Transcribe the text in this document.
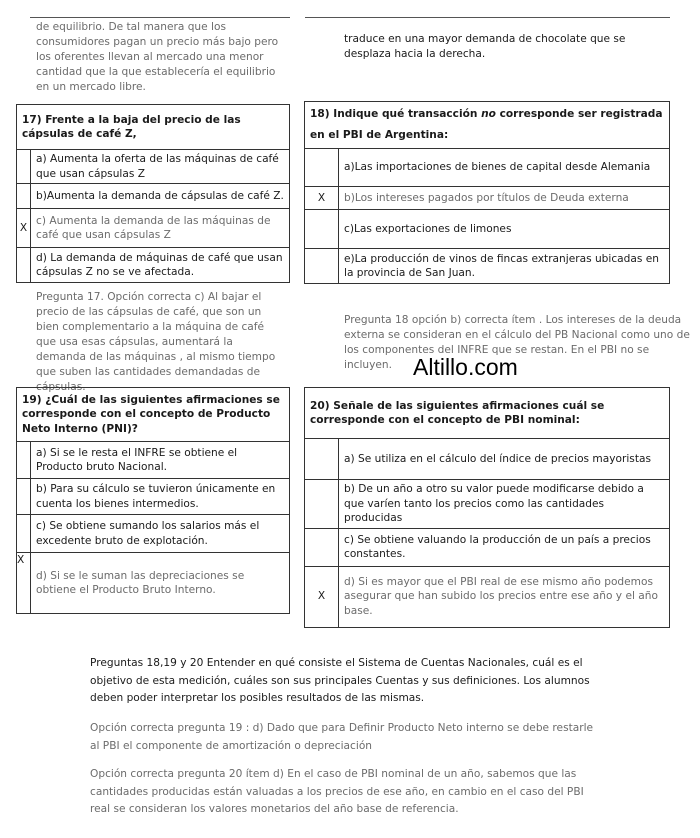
de equilibrio. De tal manera que los consumidores pagan un precio más bajo pero los oferentes llevan al mercado una menor cantidad que la que establecería el equilibrio en un mercado libre.
traduce en una mayor demanda de chocolate que se desplaza hacia la derecha.
17) Frente a la baja del precio de las cápsulas de café Z,	
	a) Aumenta la oferta de las máquinas de café que usan cápsulas Z
	b)Aumenta la demanda de cápsulas de café Z.
X	c) Aumenta la demanda de las máquinas de café que usan cápsulas Z
	d) La demanda de máquinas de café que usan cápsulas Z no se ve afectada.
Pregunta 17. Opción correcta c) Al bajar el precio de las cápsulas de café, que son un bien complementario a la máquina de café que usa esas cápsulas, aumentará la demanda de las máquinas , al mismo tiempo que suben las cantidades demandadas de cápsulas.
18) Indique qué transacción no corresponde ser registrada en el PBI de Argentina:	
	a)Las importaciones de bienes de capital desde Alemania
X	b)Los intereses pagados por títulos de Deuda externa
	c)Las exportaciones de limones
	e)La producción de vinos de fincas extranjeras ubicadas en la provincia de San Juan.
Pregunta 18 opción b) correcta ítem . Los intereses de la deuda externa se consideran en el cálculo del PB Nacional como uno de los componentes del INFRE que se restan. En el PBI no se incluyen. Altillo.com
19) ¿Cuál de las siguientes afirmaciones se corresponde con el concepto de Producto Neto Interno (PNI)?	
	a) Si se le resta el INFRE se obtiene el Producto bruto Nacional.
	b) Para su cálculo se tuvieron únicamente en cuenta los bienes intermedios.
	c) Se obtiene sumando los salarios más el excedente bruto de explotación.
X	d) Si se le suman las depreciaciones se obtiene el Producto Bruto Interno.
20) Señale de las siguientes afirmaciones cuál se corresponde con el concepto de PBI nominal:	
	a) Se utiliza en el cálculo del índice de precios mayoristas
	b) De un año a otro su valor puede modificarse debido a que varíen tanto los precios como las cantidades producidas
	c) Se obtiene valuando la producción de un país a precios constantes.
X	d) Si es mayor que el PBI real de ese mismo año podemos asegurar que han subido los precios entre ese año y el año base.
Preguntas 18,19 y 20 Entender en qué consiste el Sistema de Cuentas Nacionales, cuál es el objetivo de esta medición, cuáles son sus principales Cuentas y sus definiciones. Los alumnos deben poder interpretar los posibles resultados de las mismas.
Opción correcta pregunta 19 : d) Dado que para Definir Producto Neto interno se debe restarle al PBI el componente de amortización o depreciación
Opción correcta pregunta 20 ítem d) En el caso de PBI nominal de un año, sabemos que las cantidades producidas están valuadas a los precios de ese año, en cambio en el caso del PBI real se consideran los valores monetarios del año base de referencia.
